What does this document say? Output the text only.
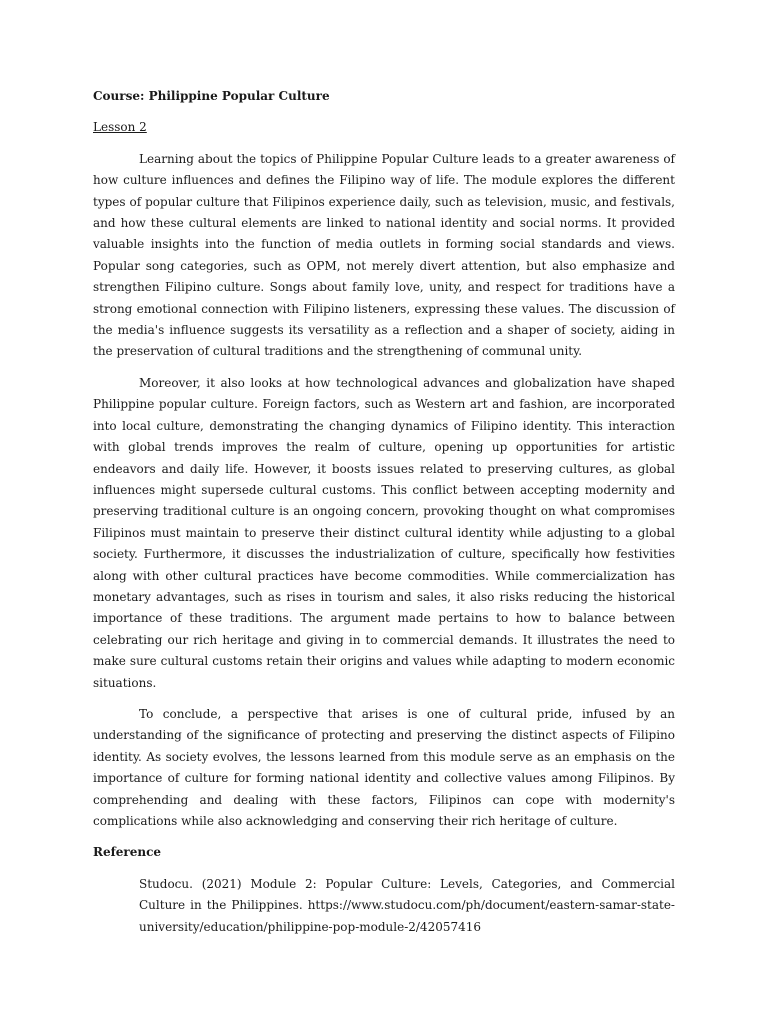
Course: Philippine Popular Culture
Lesson 2

Learning about the topics of Philippine Popular Culture leads to a greater awareness of how culture influences and defines the Filipino way of life. The module explores the different types of popular culture that Filipinos experience daily, such as television, music, and festivals, and how these cultural elements are linked to national identity and social norms. It provided valuable insights into the function of media outlets in forming social standards and views. Popular song categories, such as OPM, not merely divert attention, but also emphasize and strengthen Filipino culture. Songs about family love, unity, and respect for traditions have a strong emotional connection with Filipino listeners, expressing these values. The discussion of the media's influence suggests its versatility as a reflection and a shaper of society, aiding in the preservation of cultural traditions and the strengthening of communal unity.

Moreover, it also looks at how technological advances and globalization have shaped Philippine popular culture. Foreign factors, such as Western art and fashion, are incorporated into local culture, demonstrating the changing dynamics of Filipino identity. This interaction with global trends improves the realm of culture, opening up opportunities for artistic endeavors and daily life. However, it boosts issues related to preserving cultures, as global influences might supersede cultural customs. This conflict between accepting modernity and preserving traditional culture is an ongoing concern, provoking thought on what compromises Filipinos must maintain to preserve their distinct cultural identity while adjusting to a global society. Furthermore, it discusses the industrialization of culture, specifically how festivities along with other cultural practices have become commodities. While commercialization has monetary advantages, such as rises in tourism and sales, it also risks reducing the historical importance of these traditions. The argument made pertains to how to balance between celebrating our rich heritage and giving in to commercial demands. It illustrates the need to make sure cultural customs retain their origins and values while adapting to modern economic situations.

To conclude, a perspective that arises is one of cultural pride, infused by an understanding of the significance of protecting and preserving the distinct aspects of Filipino identity. As society evolves, the lessons learned from this module serve as an emphasis on the importance of culture for forming national identity and collective values among Filipinos. By comprehending and dealing with these factors, Filipinos can cope with modernity's complications while also acknowledging and conserving their rich heritage of culture.

Reference
Studocu. (2021) Module 2: Popular Culture: Levels, Categories, and Commercial Culture in the Philippines. https://www.studocu.com/ph/document/eastern-samar-state-university/education/philippine-pop-module-2/42057416
